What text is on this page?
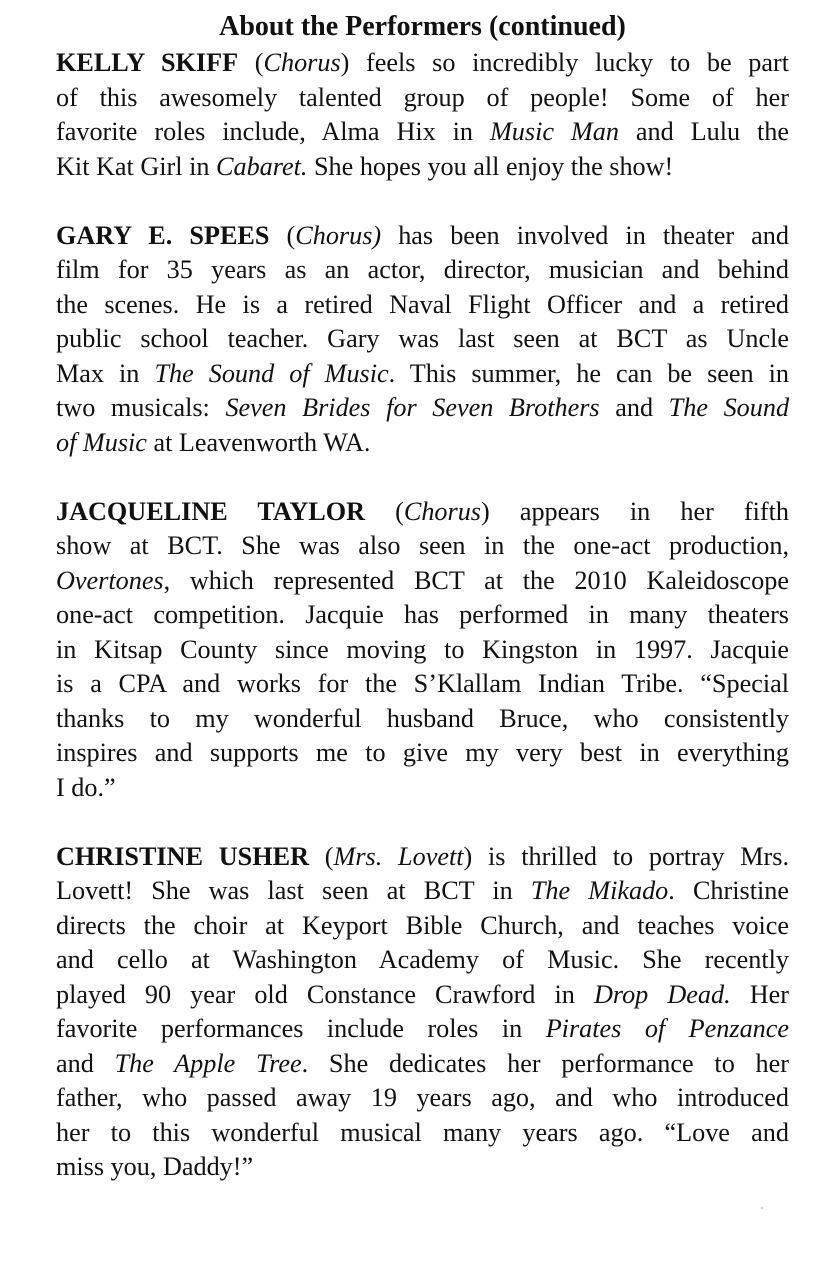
About the Performers (continued)

KELLY SKIFF (Chorus) feels so incredibly lucky to be part
of this awesomely talented group of people! Some of her
favorite roles include, Alma Hix in Music Man and Lulu the
Kit Kat Girl in Cabaret. She hopes you all enjoy the show!

GARY E. SPEES (Chorus) has been involved in theater and
film for 35 years as an actor, director, musician and behind
the scenes. He is a retired Naval Flight Officer and a retired
public school teacher. Gary was last seen at BCT as Uncle
Max in The Sound of Music. This summer, he can be seen in
two musicals: Seven Brides for Seven Brothers and The Sound
of Music at Leavenworth WA.

JACQUELINE TAYLOR (Chorus) appears in her fifth
show at BCT. She was also seen in the one-act production,
Overtones, which represented BCT at the 2010 Kaleidoscope
one-act competition. Jacquie has performed in many theaters
in Kitsap County since moving to Kingston in 1997. Jacquie
is a CPA and works for the S’Klallam Indian Tribe. “Special
thanks to my wonderful husband Bruce, who consistently
inspires and supports me to give my very best in everything
I do.”

CHRISTINE USHER (Mrs. Lovett) is thrilled to portray Mrs.
Lovett! She was last seen at BCT in The Mikado. Christine
directs the choir at Keyport Bible Church, and teaches voice
and cello at Washington Academy of Music. She recently
played 90 year old Constance Crawford in Drop Dead. Her
favorite performances include roles in Pirates of Penzance
and The Apple Tree. She dedicates her performance to her
father, who passed away 19 years ago, and who introduced
her to this wonderful musical many years ago. “Love and
miss you, Daddy!”
